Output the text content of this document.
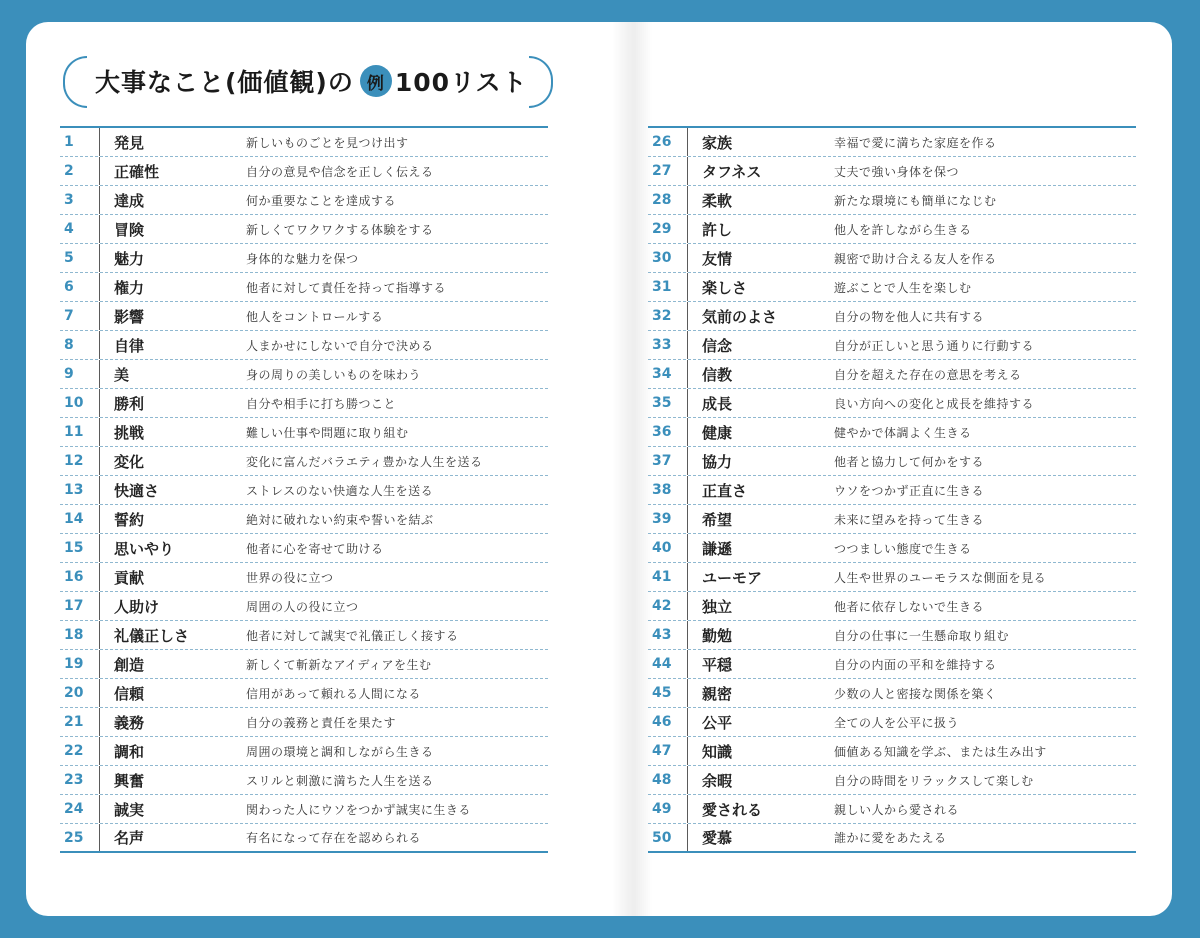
大事なこと(価値観)の 例 100リスト
1	発見	新しいものごとを見つけ出す
2	正確性	自分の意見や信念を正しく伝える
3	達成	何か重要なことを達成する
4	冒険	新しくてワクワクする体験をする
5	魅力	身体的な魅力を保つ
6	権力	他者に対して責任を持って指導する
7	影響	他人をコントロールする
8	自律	人まかせにしないで自分で決める
9	美	身の周りの美しいものを味わう
10	勝利	自分や相手に打ち勝つこと
11	挑戦	難しい仕事や問題に取り組む
12	変化	変化に富んだバラエティ豊かな人生を送る
13	快適さ	ストレスのない快適な人生を送る
14	誓約	絶対に破れない約束や誓いを結ぶ
15	思いやり	他者に心を寄せて助ける
16	貢献	世界の役に立つ
17	人助け	周囲の人の役に立つ
18	礼儀正しさ	他者に対して誠実で礼儀正しく接する
19	創造	新しくて斬新なアイディアを生む
20	信頼	信用があって頼れる人間になる
21	義務	自分の義務と責任を果たす
22	調和	周囲の環境と調和しながら生きる
23	興奮	スリルと刺激に満ちた人生を送る
24	誠実	関わった人にウソをつかず誠実に生きる
25	名声	有名になって存在を認められる
26	家族	幸福で愛に満ちた家庭を作る
27	タフネス	丈夫で強い身体を保つ
28	柔軟	新たな環境にも簡単になじむ
29	許し	他人を許しながら生きる
30	友情	親密で助け合える友人を作る
31	楽しさ	遊ぶことで人生を楽しむ
32	気前のよさ	自分の物を他人に共有する
33	信念	自分が正しいと思う通りに行動する
34	信教	自分を超えた存在の意思を考える
35	成長	良い方向への変化と成長を維持する
36	健康	健やかで体調よく生きる
37	協力	他者と協力して何かをする
38	正直さ	ウソをつかず正直に生きる
39	希望	未来に望みを持って生きる
40	謙遜	つつましい態度で生きる
41	ユーモア	人生や世界のユーモラスな側面を見る
42	独立	他者に依存しないで生きる
43	勤勉	自分の仕事に一生懸命取り組む
44	平穏	自分の内面の平和を維持する
45	親密	少数の人と密接な関係を築く
46	公平	全ての人を公平に扱う
47	知識	価値ある知識を学ぶ、または生み出す
48	余暇	自分の時間をリラックスして楽しむ
49	愛される	親しい人から愛される
50	愛慕	誰かに愛をあたえる
